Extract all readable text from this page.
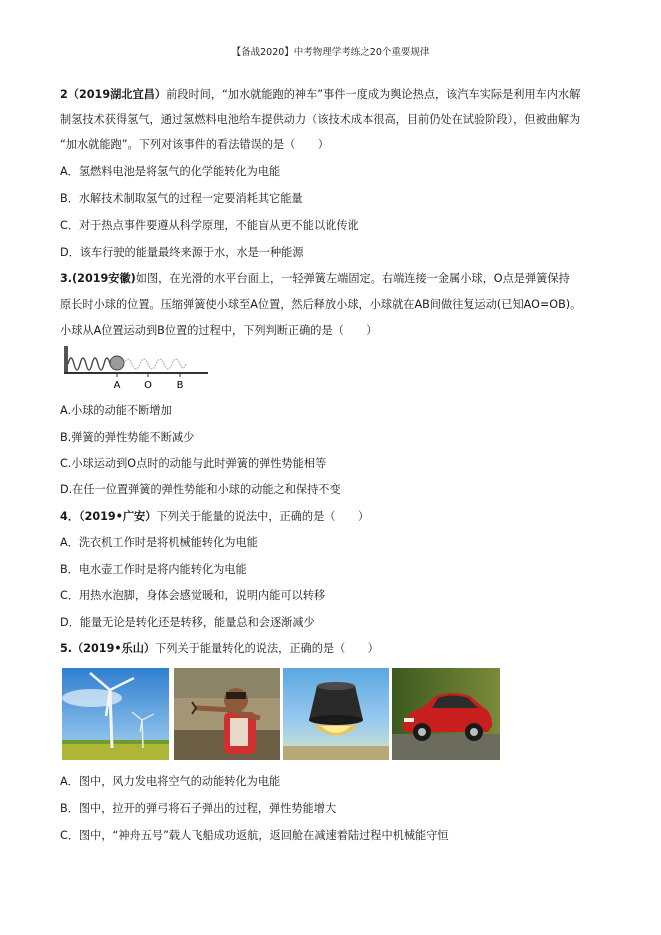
【备战2020】中考物理学考练之20个重要规律
2（2019湖北宜昌）前段时间，“加水就能跑的神车”事件一度成为舆论热点，该汽车实际是利用车内水解
制氢技术获得氢气，通过氢燃料电池给车提供动力（该技术成本很高，目前仍处在试验阶段），但被曲解为
“加水就能跑”。下列对该事件的看法错误的是（　　）
A．氢燃料电池是将氢气的化学能转化为电能
B．水解技术制取氢气的过程一定要消耗其它能量
C．对于热点事件要遵从科学原理，不能盲从更不能以讹传讹
D．该车行驶的能量最终来源于水，水是一种能源
3.(2019安徽)如图，在光滑的水平台面上，一轻弹簧左端固定。右端连接一金属小球，O点是弹簧保持
原长时小球的位置。压缩弹簧使小球至A位置，然后释放小球，小球就在AB间做往复运动(已知AO=OB)。
小球从A位置运动到B位置的过程中，下列判断正确的是（　　）
A O B
A.小球的动能不断增加
B.弹簧的弹性势能不断减少
C.小球运动到O点时的动能与此时弹簧的弹性势能相等
D.在任一位置弹簧的弹性势能和小球的动能之和保持不变
4．（2019•广安）下列关于能量的说法中，正确的是（　　）
A．洗衣机工作时是将机械能转化为电能
B．电水壶工作时是将内能转化为电能
C．用热水泡脚，身体会感觉暖和，说明内能可以转移
D．能量无论是转化还是转移，能量总和会逐渐减少
5.（2019•乐山）下列关于能量转化的说法，正确的是（　　）
A．图中，风力发电将空气的动能转化为电能
B．图中，拉开的弹弓将石子弹出的过程，弹性势能增大
C．图中，“神舟五号”载人飞船成功返航，返回舱在减速着陆过程中机械能守恒
